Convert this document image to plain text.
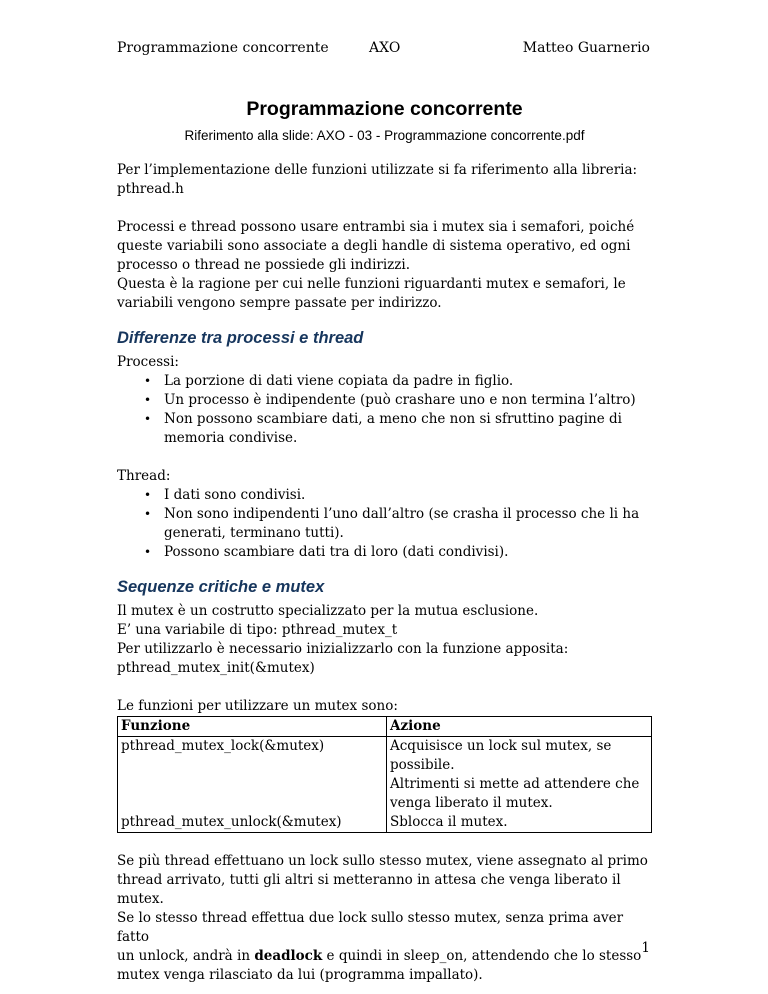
Programmazione concorrente	AXO	Matteo Guarnerio
Programmazione concorrente

Riferimento alla slide: AXO - 03 - Programmazione concorrente.pdf

Per l’implementazione delle funzioni utilizzate si fa riferimento alla libreria:

pthread.h

Processi e thread possono usare entrambi sia i mutex sia i semafori, poiché

queste variabili sono associate a degli handle di sistema operativo, ed ogni

processo o thread ne possiede gli indirizzi.

Questa è la ragione per cui nelle funzioni riguardanti mutex e semafori, le

variabili vengono sempre passate per indirizzo.

Differenze tra processi e thread

Processi:

• La porzione di dati viene copiata da padre in figlio.
• Un processo è indipendente (può crashare uno e non termina l’altro)
• Non possono scambiare dati, a meno che non si sfruttino pagine di
memoria condivise.

Thread:

• I dati sono condivisi.
• Non sono indipendenti l’uno dall’altro (se crasha il processo che li ha
generati, terminano tutti).
• Possono scambiare dati tra di loro (dati condivisi).
Sequenze critiche e mutex

Il mutex è un costrutto specializzato per la mutua esclusione.

E’ una variabile di tipo: pthread_mutex_t

Per utilizzarlo è necessario inizializzarlo con la funzione apposita:

pthread_mutex_init(&mutex)

Le funzioni per utilizzare un mutex sono:

Funzione	Azione
pthread_mutex_lock(&mutex)	Acquisisce un lock sul mutex, se
possibile.
Altrimenti si mette ad attendere che
venga liberato il mutex.

pthread_mutex_unlock(&mutex)	Sblocca il mutex.

Se più thread effettuano un lock sullo stesso mutex, viene assegnato al primo

thread arrivato, tutti gli altri si metteranno in attesa che venga liberato il mutex.

Se lo stesso thread effettua due lock sullo stesso mutex, senza prima aver fatto

un unlock, andrà in deadlock e quindi in sleep_on, attendendo che lo stesso

mutex venga rilasciato da lui (programma impallato).

1
